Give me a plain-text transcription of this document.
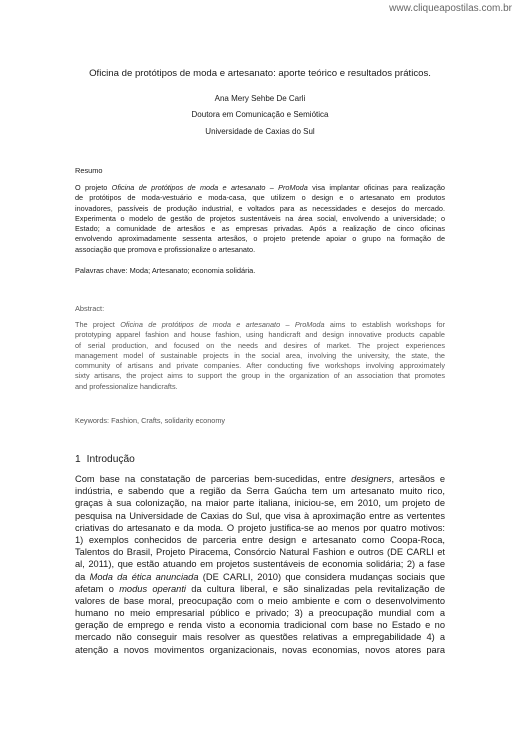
www.cliqueapostilas.com.br
Oficina de protótipos de moda e artesanato: aporte teórico e resultados práticos.
Ana Mery Sehbe De Carli
Doutora em Comunicação e Semiótica
Universidade de Caxias do Sul
Resumo
O projeto Oficina de protótipos de moda e artesanato – ProModa visa implantar oficinas para realização
de protótipos de moda-vestuário e moda-casa, que utilizem o design e o artesanato em produtos
inovadores, passíveis de produção industrial, e voltados para as necessidades e desejos do mercado.
Experimenta o modelo de gestão de projetos sustentáveis na área social, envolvendo a universidade; o
Estado; a comunidade de artesãos e as empresas privadas. Após a realização de cinco oficinas
envolvendo aproximadamente sessenta artesãos, o projeto pretende apoiar o grupo na formação de
associação que promova e profissionalize o artesanato.
Palavras chave: Moda; Artesanato; economia solidária.
Abstract:
The project Oficina de protótipos de moda e artesanato – ProModa aims to establish workshops for
prototyping apparel fashion and house fashion, using handicraft and design innovative products capable
of serial production, and focused on the needs and desires of market. The project experiences
management model of sustainable projects in the social area, involving the university, the state, the
community of artisans and private companies. After conducting five workshops involving approximately
sixty artisans, the project aims to support the group in the organization of an association that promotes
and professionalize handicrafts.
Keywords: Fashion, Crafts, solidarity economy
1 Introdução
Com base na constatação de parcerias bem-sucedidas, entre designers, artesãos e
indústria, e sabendo que a região da Serra Gaúcha tem um artesanato muito rico,
graças à sua colonização, na maior parte italiana, iniciou-se, em 2010, um projeto de
pesquisa na Universidade de Caxias do Sul, que visa à aproximação entre as vertentes
criativas do artesanato e da moda. O projeto justifica-se ao menos por quatro motivos:
1) exemplos conhecidos de parceria entre design e artesanato como Coopa-Roca,
Talentos do Brasil, Projeto Piracema, Consórcio Natural Fashion e outros (DE CARLI et
al, 2011), que estão atuando em projetos sustentáveis de economia solidária; 2) a fase
da Moda da ética anunciada (DE CARLI, 2010) que considera mudanças sociais que
afetam o modus operanti da cultura liberal, e são sinalizadas pela revitalização de
valores de base moral, preocupação com o meio ambiente e com o desenvolvimento
humano no meio empresarial público e privado; 3) a preocupação mundial com a
geração de emprego e renda visto a economia tradicional com base no Estado e no
mercado não conseguir mais resolver as questões relativas a empregabilidade 4) a
atenção a novos movimentos organizacionais, novas economias, novos atores para
